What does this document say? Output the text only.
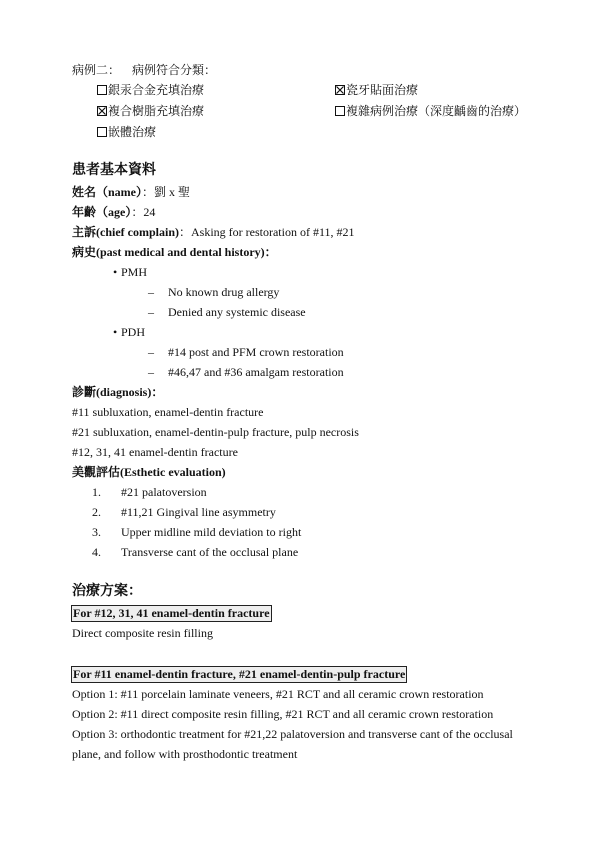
病例二： 病例符合分類：
銀汞合金充填治療	瓷牙貼面治療
複合樹脂充填治療	複雜病例治療（深度齲齒的治療）
嵌體治療
患者基本資料
姓名（name）：劉 x 聖
年齡（age）：24
主訴(chief complain)：Asking for restoration of #11, #21
病史(past medical and dental history)：
• PMH
– No known drug allergy
– Denied any systemic disease
• PDH
– #14 post and PFM crown restoration
– #46,47 and #36 amalgam restoration
診斷(diagnosis)：
#11 subluxation, enamel-dentin fracture
#21 subluxation, enamel-dentin-pulp fracture, pulp necrosis
#12, 31, 41 enamel-dentin fracture
美觀評估(Esthetic evaluation)
1. #21 palatoversion
2. #11,21 Gingival line asymmetry
3. Upper midline mild deviation to right
4. Transverse cant of the occlusal plane
治療方案：
For #12, 31, 41 enamel-dentin fracture
Direct composite resin filling
For #11 enamel-dentin fracture, #21 enamel-dentin-pulp fracture
Option 1: #11 porcelain laminate veneers, #21 RCT and all ceramic crown restoration
Option 2: #11 direct composite resin filling, #21 RCT and all ceramic crown restoration
Option 3: orthodontic treatment for #21,22 palatoversion and transverse cant of the occlusal plane, and follow with prosthodontic treatment
